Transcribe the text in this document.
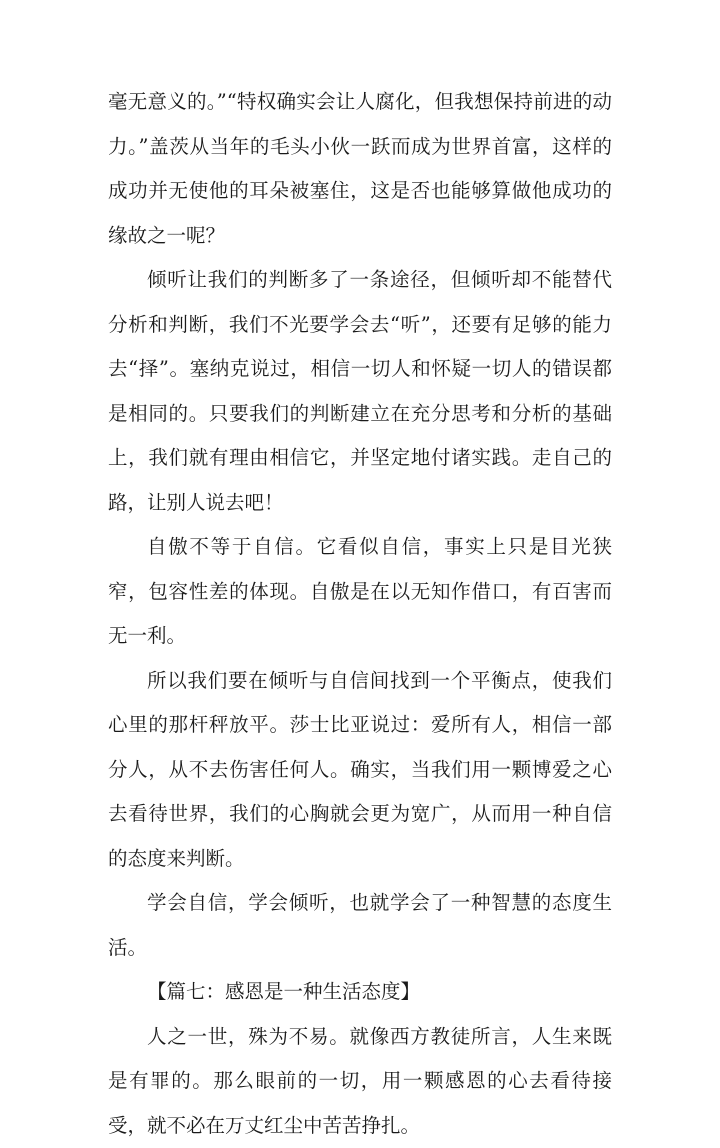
毫无意义的。”“特权确实会让人腐化，但我想保持前进的动力。”盖茨从当年的毛头小伙一跃而成为世界首富，这样的成功并无使他的耳朵被塞住，这是否也能够算做他成功的缘故之一呢？

倾听让我们的判断多了一条途径，但倾听却不能替代分析和判断，我们不光要学会去“听”，还要有足够的能力去“择”。塞纳克说过，相信一切人和怀疑一切人的错误都是相同的。只要我们的判断建立在充分思考和分析的基础上，我们就有理由相信它，并坚定地付诸实践。走自己的路，让别人说去吧！

自傲不等于自信。它看似自信，事实上只是目光狭窄，包容性差的体现。自傲是在以无知作借口，有百害而无一利。

所以我们要在倾听与自信间找到一个平衡点，使我们心里的那杆秤放平。莎士比亚说过：爱所有人，相信一部分人，从不去伤害任何人。确实，当我们用一颗博爱之心去看待世界，我们的心胸就会更为宽广，从而用一种自信的态度来判断。

学会自信，学会倾听，也就学会了一种智慧的态度生活。

【篇七：感恩是一种生活态度】

人之一世，殊为不易。就像西方教徒所言，人生来既是有罪的。那么眼前的一切，用一颗感恩的心去看待接受，就不必在万丈红尘中苦苦挣扎。
